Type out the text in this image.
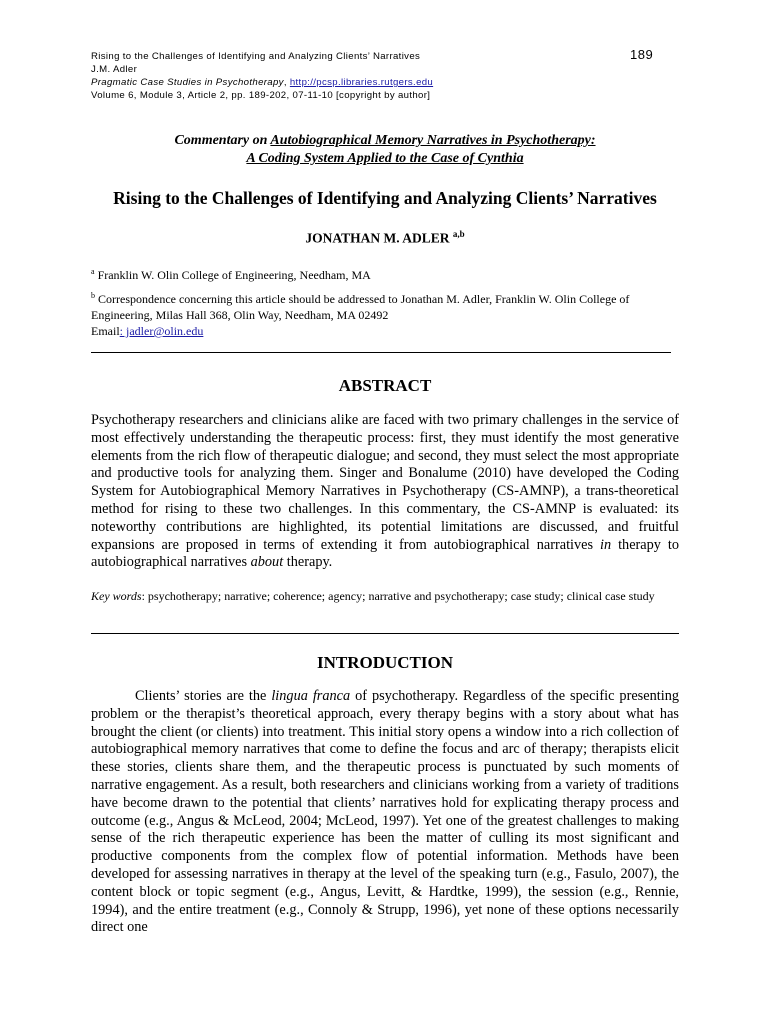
Rising to the Challenges of Identifying and Analyzing Clients’ Narratives
J.M. Adler
Pragmatic Case Studies in Psychotherapy, http://pcsp.libraries.rutgers.edu
Volume 6, Module 3, Article 2, pp. 189-202, 07-11-10 [copyright by author]
189
Commentary on Autobiographical Memory Narratives in Psychotherapy:
A Coding System Applied to the Case of Cynthia
Rising to the Challenges of Identifying and Analyzing Clients’ Narratives
JONATHAN M. ADLER $^{a,b}$
$^a$ Franklin W. Olin College of Engineering, Needham, MA
$^b$ Correspondence concerning this article should be addressed to Jonathan M. Adler, Franklin W. Olin College of Engineering, Milas Hall 368, Olin Way, Needham, MA 02492
Email: jadler@olin.edu
ABSTRACT
Psychotherapy researchers and clinicians alike are faced with two primary challenges in the service of most effectively understanding the therapeutic process: first, they must identify the most generative elements from the rich flow of therapeutic dialogue; and second, they must select the most appropriate and productive tools for analyzing them. Singer and Bonalume (2010) have developed the Coding System for Autobiographical Memory Narratives in Psychotherapy (CS-AMNP), a trans-theoretical method for rising to these two challenges. In this commentary, the CS-AMNP is evaluated: its noteworthy contributions are highlighted, its potential limitations are discussed, and fruitful expansions are proposed in terms of extending it from autobiographical narratives in therapy to autobiographical narratives about therapy.
Key words: psychotherapy; narrative; coherence; agency; narrative and psychotherapy; case study; clinical case study
INTRODUCTION
Clients’ stories are the lingua franca of psychotherapy. Regardless of the specific presenting problem or the therapist’s theoretical approach, every therapy begins with a story about what has brought the client (or clients) into treatment. This initial story opens a window into a rich collection of autobiographical memory narratives that come to define the focus and arc of therapy; therapists elicit these stories, clients share them, and the therapeutic process is punctuated by such moments of narrative engagement. As a result, both researchers and clinicians working from a variety of traditions have become drawn to the potential that clients’ narratives hold for explicating therapy process and outcome (e.g., Angus & McLeod, 2004; McLeod, 1997). Yet one of the greatest challenges to making sense of the rich therapeutic experience has been the matter of culling its most significant and productive components from the complex flow of potential information. Methods have been developed for assessing narratives in therapy at the level of the speaking turn (e.g., Fasulo, 2007), the content block or topic segment (e.g., Angus, Levitt, & Hardtke, 1999), the session (e.g., Rennie, 1994), and the entire treatment (e.g., Connoly & Strupp, 1996), yet none of these options necessarily direct one
